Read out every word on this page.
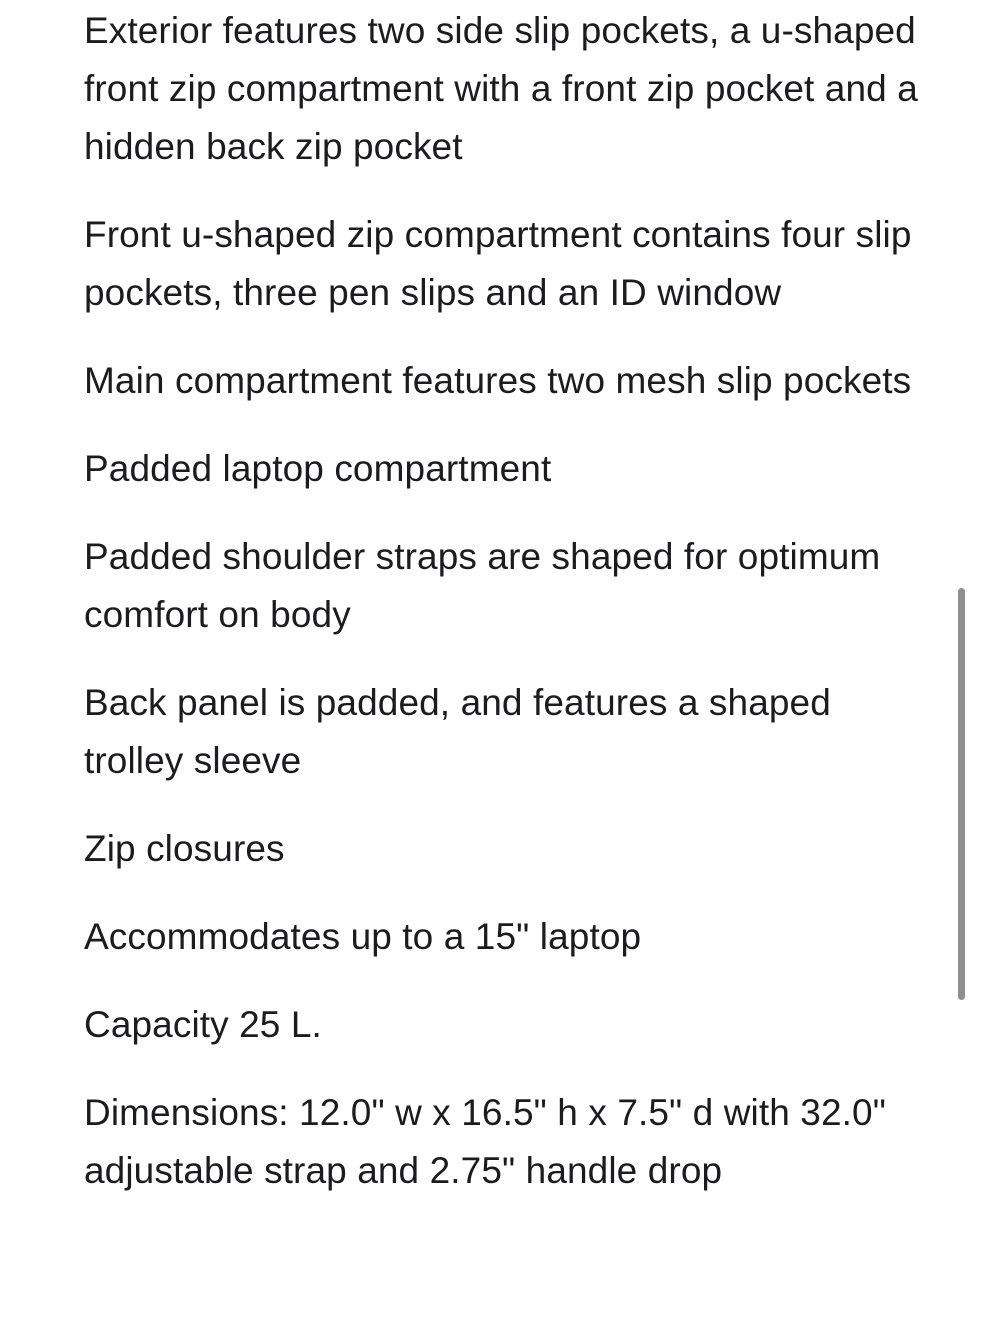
Exterior features two side slip pockets, a u-shaped front zip compartment with a front zip pocket and a hidden back zip pocket
Front u-shaped zip compartment contains four slip pockets, three pen slips and an ID window
Main compartment features two mesh slip pockets
Padded laptop compartment
Padded shoulder straps are shaped for optimum comfort on body
Back panel is padded, and features a shaped trolley sleeve
Zip closures
Accommodates up to a 15" laptop
Capacity 25 L.
Dimensions: 12.0" w x 16.5" h x 7.5" d with 32.0" adjustable strap and 2.75" handle drop
